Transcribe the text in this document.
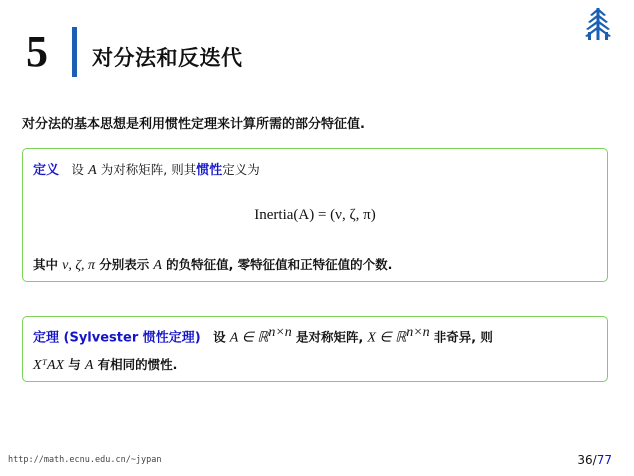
5 对分法和反迭代
对分法的基本思想是利用惯性定理来计算所需的部分特征值.
定义 设 A 为对称矩阵, 则其惯性定义为
Inertia(A) = (ν, ζ, π)
其中 ν, ζ, π 分别表示 A 的负特征值, 零特征值和正特征值的个数.
定理 (Sylvester 惯性定理) 设 A ∈ ℝ$^{n\times n}$ 是对称矩阵, X ∈ ℝ$^{n\times n}$ 非奇异, 则
XᵀAX 与 A 有相同的惯性.
http://math.ecnu.edu.cn/~jypan	36/77
